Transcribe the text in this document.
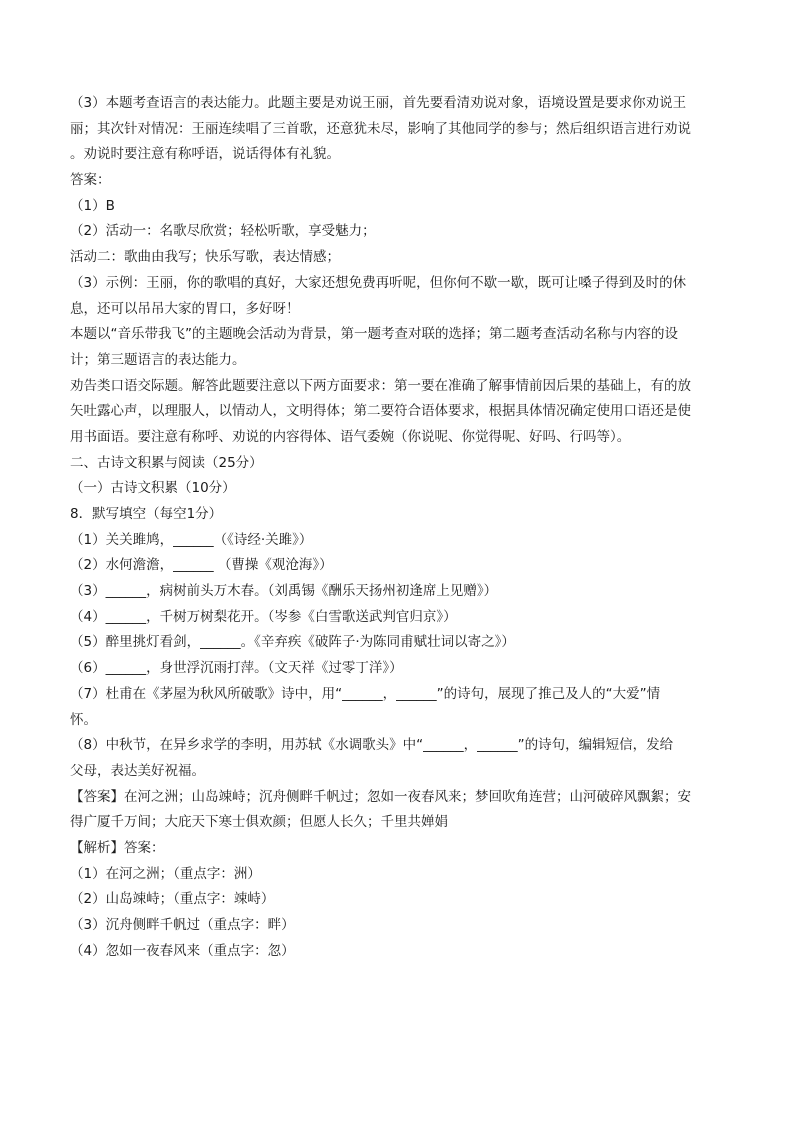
（3）本题考查语言的表达能力。此题主要是劝说王丽，首先要看清劝说对象，语境设置是要求你劝说王
丽；其次针对情况：王丽连续唱了三首歌，还意犹未尽，影响了其他同学的参与；然后组织语言进行劝说
。劝说时要注意有称呼语，说话得体有礼貌。
答案：
（1）B
（2）活动一：名歌尽欣赏；轻松听歌，享受魅力；
活动二：歌曲由我写；快乐写歌，表达情感；
（3）示例：王丽，你的歌唱的真好，大家还想免费再听呢，但你何不歇一歇，既可让嗓子得到及时的休
息，还可以吊吊大家的胃口，多好呀！
本题以“音乐带我飞”的主题晚会活动为背景，第一题考查对联的选择；第二题考查活动名称与内容的设
计；第三题语言的表达能力。
劝告类口语交际题。解答此题要注意以下两方面要求：第一要在准确了解事情前因后果的基础上，有的放
矢吐露心声，以理服人，以情动人，文明得体；第二要符合语体要求，根据具体情况确定使用口语还是使
用书面语。要注意有称呼、劝说的内容得体、语气委婉（你说呢、你觉得呢、好吗、行吗等）。
二、古诗文积累与阅读（25分）
（一）古诗文积累（10分）
8．默写填空（每空1分）
（1）关关雎鸠，______（《诗经·关雎》）
（2）水何澹澹，______ （曹操《观沧海》）
（3）______，病树前头万木春。（刘禹锡《酬乐天扬州初逢席上见赠》）
（4）______，千树万树梨花开。（岑参《白雪歌送武判官归京》）
（5）醉里挑灯看剑，______。《辛弃疾《破阵子·为陈同甫赋壮词以寄之》）
（6）______，身世浮沉雨打萍。（文天祥《过零丁洋》）
（7）杜甫在《茅屋为秋风所破歌》诗中，用“______，______”的诗句，展现了推己及人的“大爱”情
怀。
（8）中秋节，在异乡求学的李明，用苏轼《水调歌头》中“______，______”的诗句，编辑短信，发给
父母，表达美好祝福。
【答案】在河之洲；山岛竦峙；沉舟侧畔千帆过；忽如一夜春风来；梦回吹角连营；山河破碎风飘絮；安
得广厦千万间；大庇天下寒士俱欢颜；但愿人长久；千里共婵娟
【解析】答案：
（1）在河之洲；（重点字：洲）
（2）山岛竦峙；（重点字：竦峙）
（3）沉舟侧畔千帆过（重点字：畔）
（4）忽如一夜春风来（重点字：忽）
